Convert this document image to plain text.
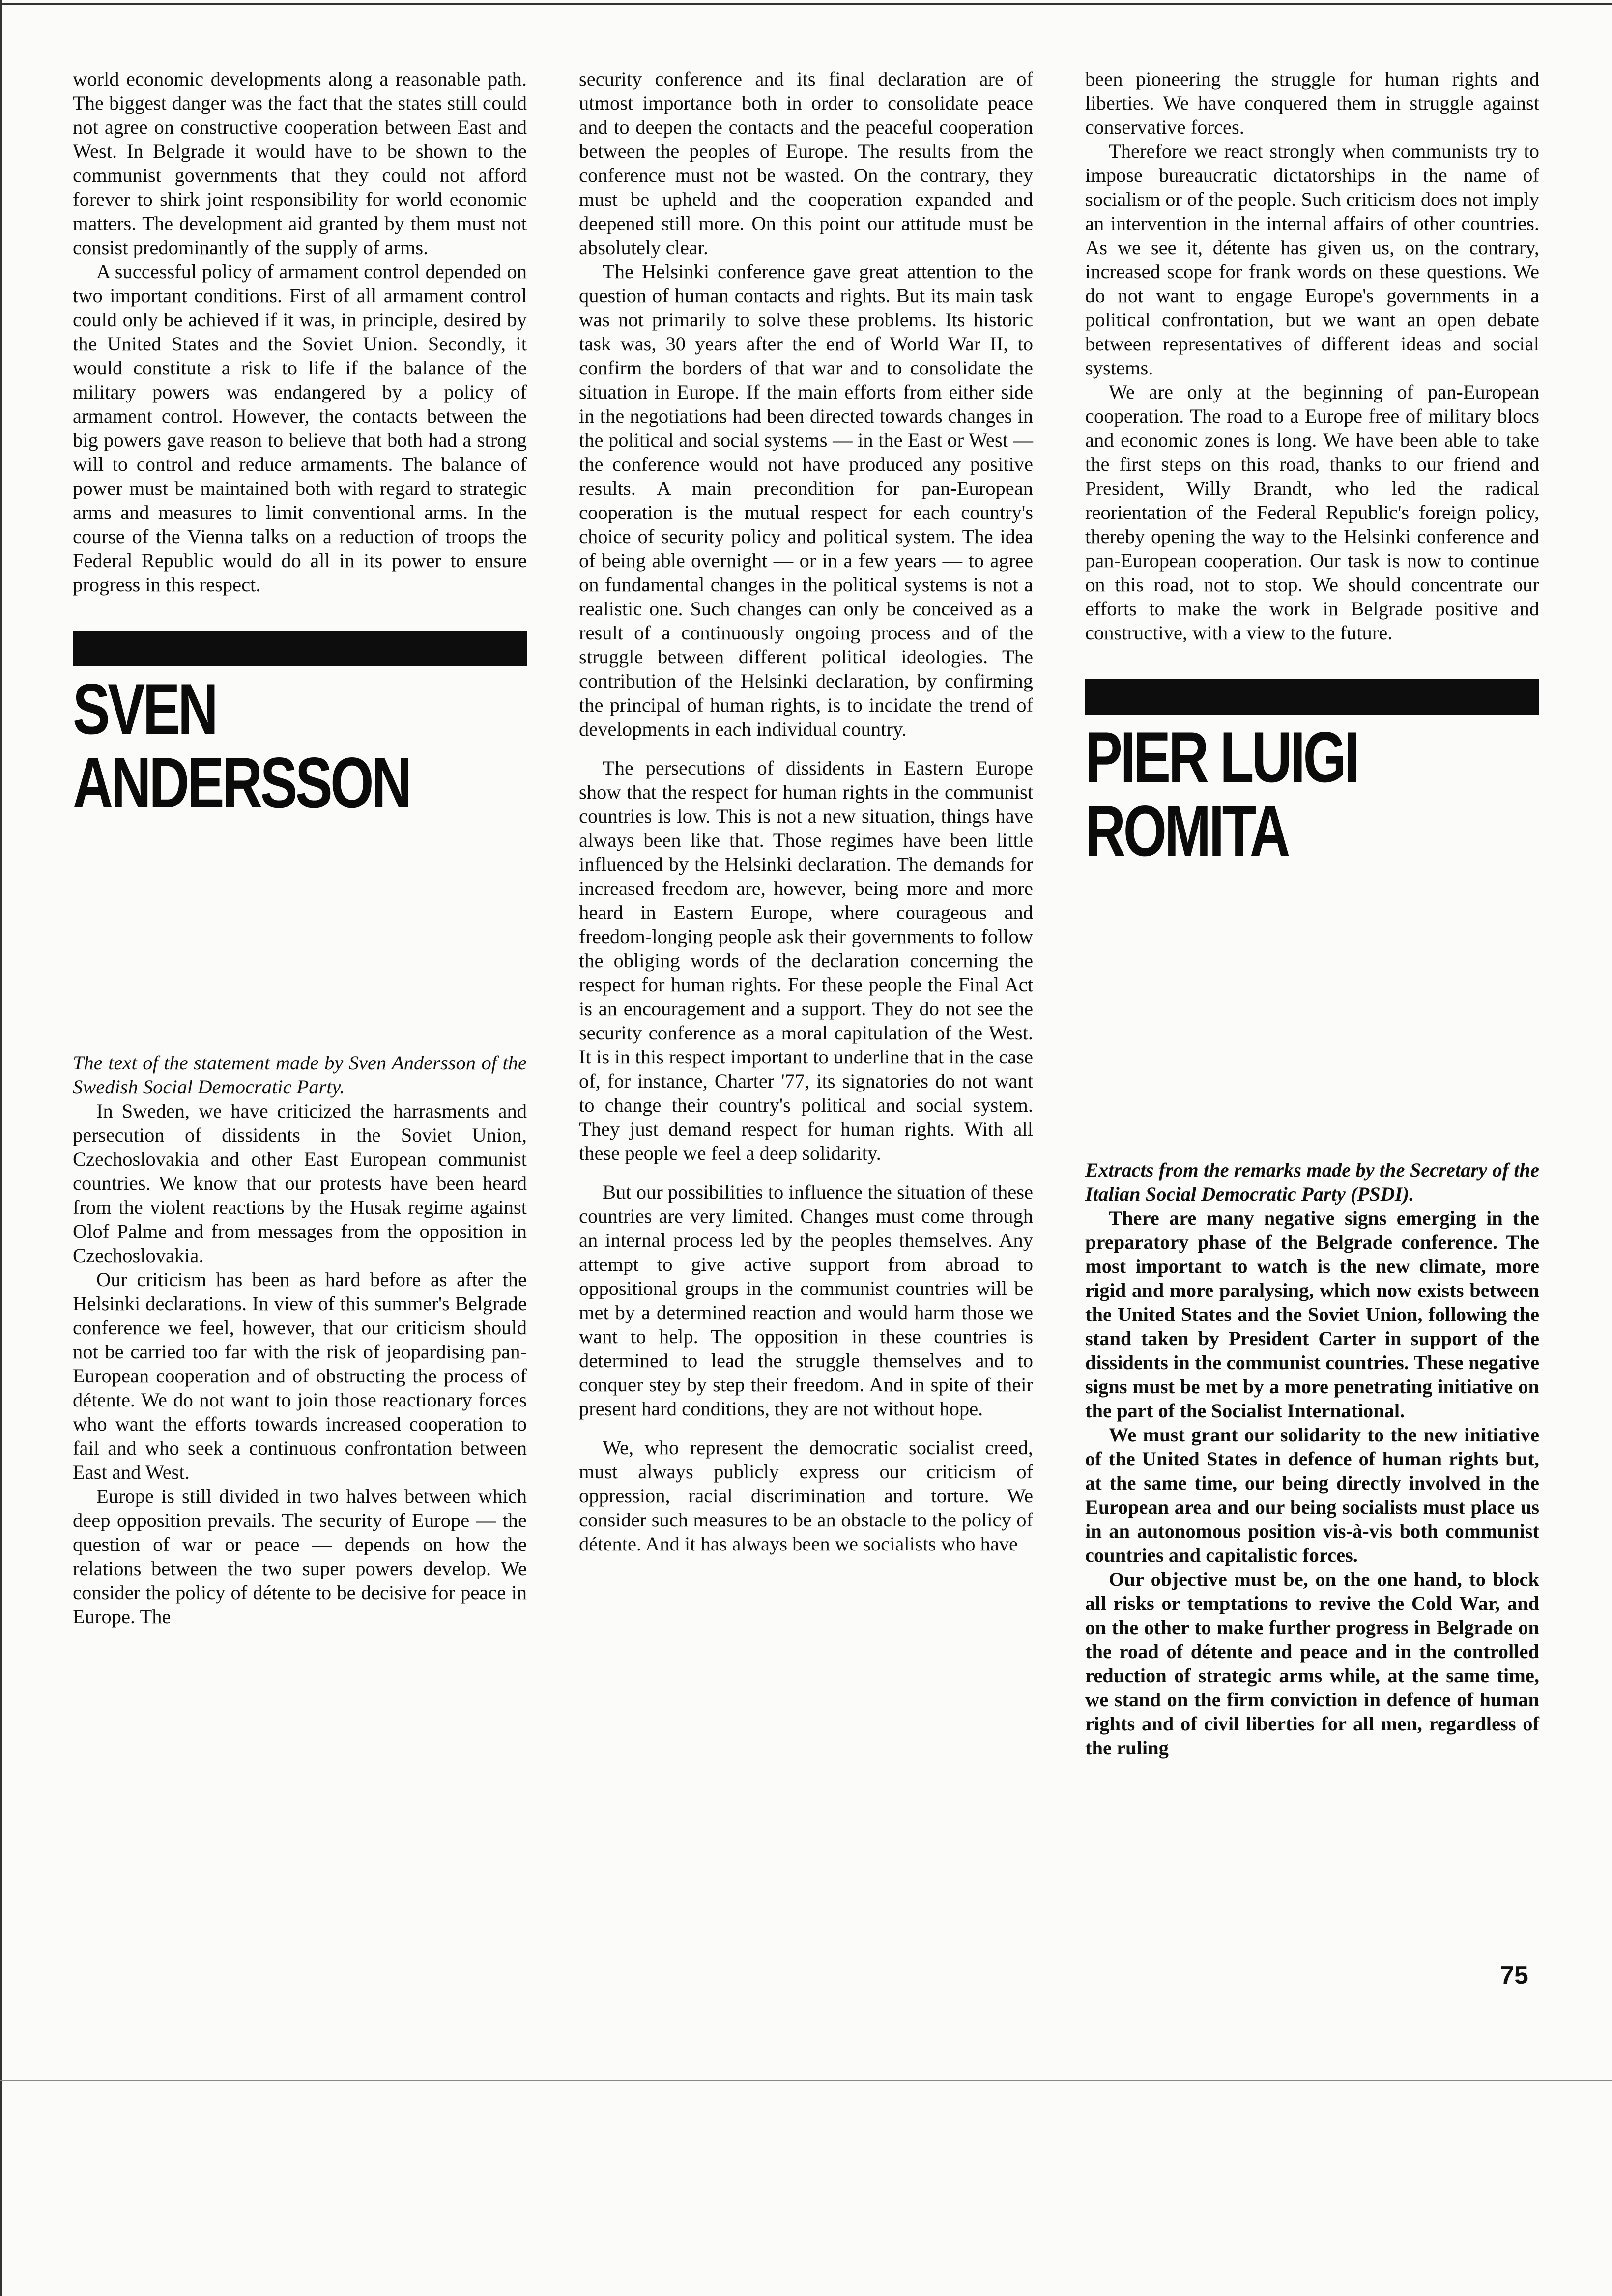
world economic developments along a reasonable path. The biggest danger was the fact that the states still could not agree on constructive cooperation between East and West. In Belgrade it would have to be shown to the communist governments that they could not afford forever to shirk joint responsibility for world economic matters. The development aid granted by them must not consist predominantly of the supply of arms.

A successful policy of armament control depended on two important conditions. First of all armament control could only be achieved if it was, in principle, desired by the United States and the Soviet Union. Secondly, it would constitute a risk to life if the balance of the military powers was endangered by a policy of armament control. However, the contacts between the big powers gave reason to believe that both had a strong will to control and reduce armaments. The balance of power must be maintained both with regard to strategic arms and measures to limit conventional arms. In the course of the Vienna talks on a reduction of troops the Federal Republic would do all in its power to ensure progress in this respect.

SVEN
ANDERSSON

The text of the statement made by Sven Andersson of the Swedish Social Democratic Party.

In Sweden, we have criticized the harrasments and persecution of dissidents in the Soviet Union, Czechoslovakia and other East European communist countries. We know that our protests have been heard from the violent reactions by the Husak regime against Olof Palme and from messages from the opposition in Czechoslovakia.

Our criticism has been as hard before as after the Helsinki declarations. In view of this summer's Belgrade conference we feel, however, that our criticism should not be carried too far with the risk of jeopardising pan-European cooperation and of obstructing the process of détente. We do not want to join those reactionary forces who want the efforts towards increased cooperation to fail and who seek a continuous confrontation between East and West.

Europe is still divided in two halves between which deep opposition prevails. The security of Europe — the question of war or peace — depends on how the relations between the two super powers develop. We consider the policy of détente to be decisive for peace in Europe. The

security conference and its final declaration are of utmost importance both in order to consolidate peace and to deepen the contacts and the peaceful cooperation between the peoples of Europe. The results from the conference must not be wasted. On the contrary, they must be upheld and the cooperation expanded and deepened still more. On this point our attitude must be absolutely clear.

The Helsinki conference gave great attention to the question of human contacts and rights. But its main task was not primarily to solve these problems. Its historic task was, 30 years after the end of World War II, to confirm the borders of that war and to consolidate the situation in Europe. If the main efforts from either side in the negotiations had been directed towards changes in the political and social systems — in the East or West — the conference would not have produced any positive results. A main precondition for pan-European cooperation is the mutual respect for each country's choice of security policy and political system. The idea of being able overnight — or in a few years — to agree on fundamental changes in the political systems is not a realistic one. Such changes can only be conceived as a result of a continuously ongoing process and of the struggle between different political ideologies. The contribution of the Helsinki declaration, by confirming the principal of human rights, is to incidate the trend of developments in each individual country.

The persecutions of dissidents in Eastern Europe show that the respect for human rights in the communist countries is low. This is not a new situation, things have always been like that. Those regimes have been little influenced by the Helsinki declaration. The demands for increased freedom are, however, being more and more heard in Eastern Europe, where courageous and freedom-longing people ask their governments to follow the obliging words of the declaration concerning the respect for human rights. For these people the Final Act is an encouragement and a support. They do not see the security conference as a moral capitulation of the West. It is in this respect important to underline that in the case of, for instance, Charter '77, its signatories do not want to change their country's political and social system. They just demand respect for human rights. With all these people we feel a deep solidarity.

But our possibilities to influence the situation of these countries are very limited. Changes must come through an internal process led by the peoples themselves. Any attempt to give active support from abroad to oppositional groups in the communist countries will be met by a determined reaction and would harm those we want to help. The opposition in these countries is determined to lead the struggle themselves and to conquer stey by step their freedom. And in spite of their present hard conditions, they are not without hope.

We, who represent the democratic socialist creed, must always publicly express our criticism of oppression, racial discrimination and torture. We consider such measures to be an obstacle to the policy of détente. And it has always been we socialists who have

been pioneering the struggle for human rights and liberties. We have conquered them in struggle against conservative forces.

Therefore we react strongly when communists try to impose bureaucratic dictatorships in the name of socialism or of the people. Such criticism does not imply an intervention in the internal affairs of other countries. As we see it, détente has given us, on the contrary, increased scope for frank words on these questions. We do not want to engage Europe's governments in a political confrontation, but we want an open debate between representatives of different ideas and social systems.

We are only at the beginning of pan-European cooperation. The road to a Europe free of military blocs and economic zones is long. We have been able to take the first steps on this road, thanks to our friend and President, Willy Brandt, who led the radical reorientation of the Federal Republic's foreign policy, thereby opening the way to the Helsinki conference and pan-European cooperation. Our task is now to continue on this road, not to stop. We should concentrate our efforts to make the work in Belgrade positive and constructive, with a view to the future.

PIER LUIGI
ROMITA

Extracts from the remarks made by the Secretary of the Italian Social Democratic Party (PSDI).

There are many negative signs emerging in the preparatory phase of the Belgrade conference. The most important to watch is the new climate, more rigid and more paralysing, which now exists between the United States and the Soviet Union, following the stand taken by President Carter in support of the dissidents in the communist countries. These negative signs must be met by a more penetrating initiative on the part of the Socialist International.

We must grant our solidarity to the new initiative of the United States in defence of human rights but, at the same time, our being directly involved in the European area and our being socialists must place us in an autonomous position vis-à-vis both communist countries and capitalistic forces.

Our objective must be, on the one hand, to block all risks or temptations to revive the Cold War, and on the other to make further progress in Belgrade on the road of détente and peace and in the controlled reduction of strategic arms while, at the same time, we stand on the firm conviction in defence of human rights and of civil liberties for all men, regardless of the ruling

75
